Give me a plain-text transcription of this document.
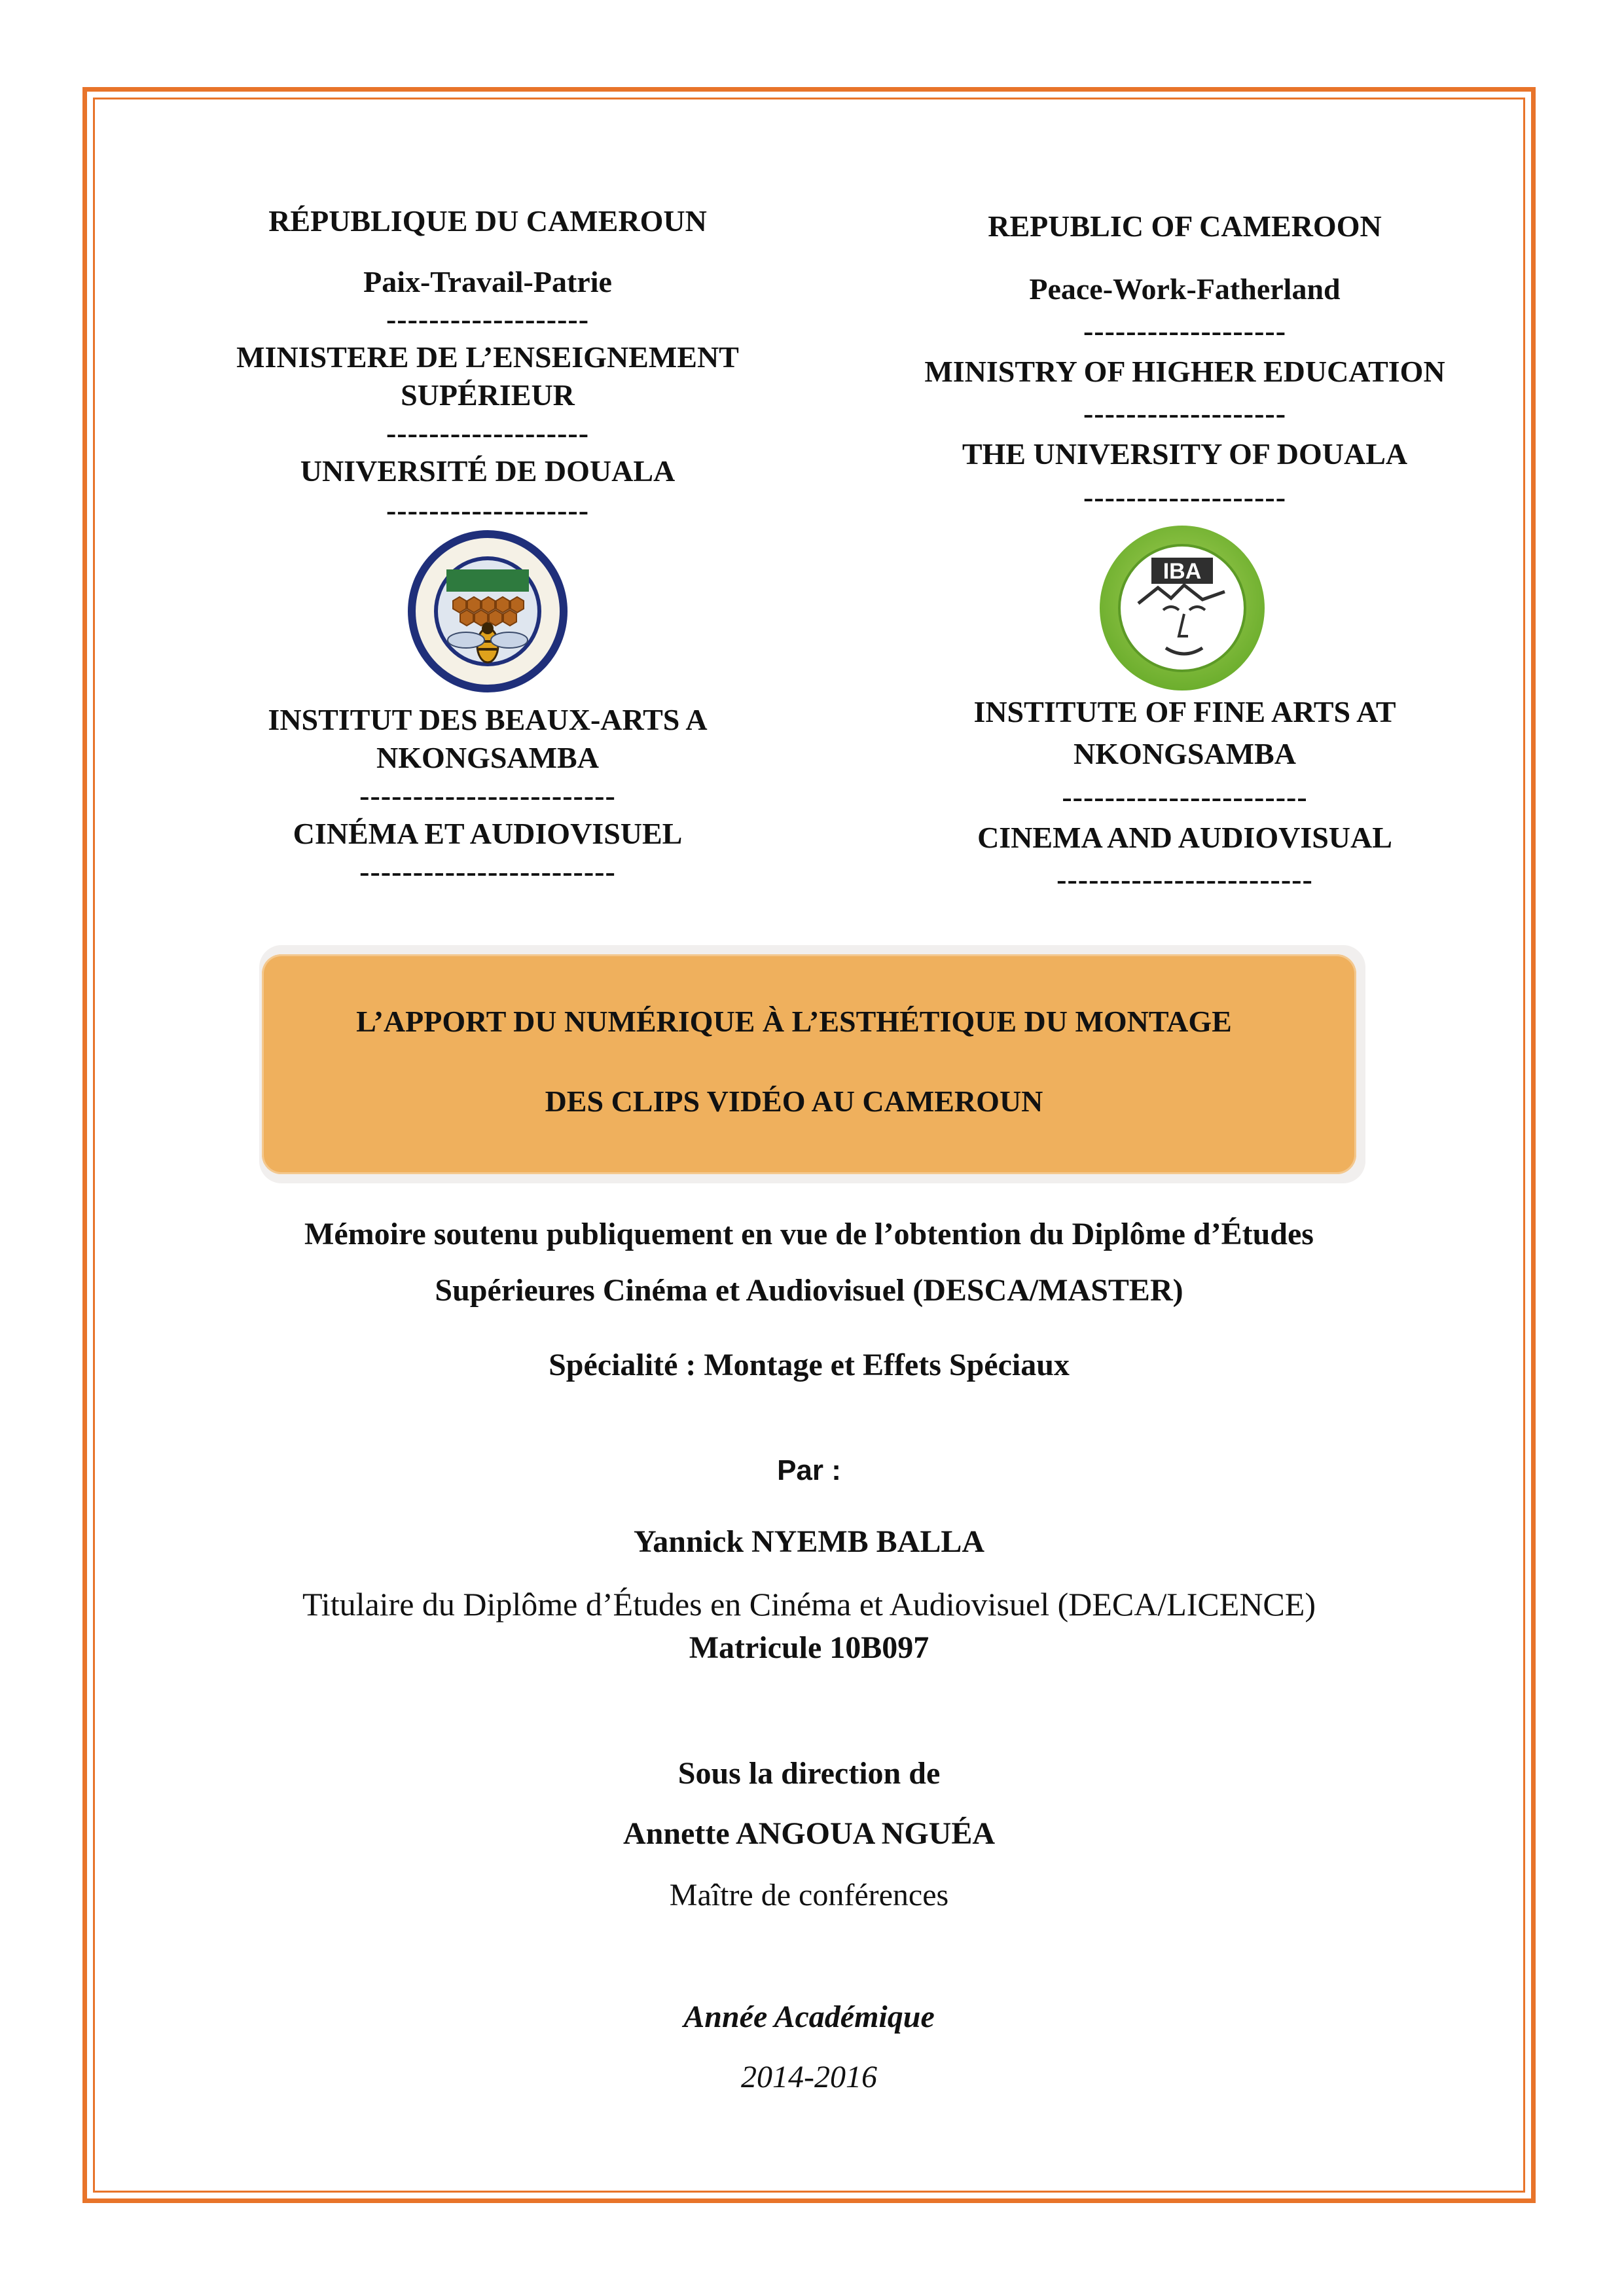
RÉPUBLIQUE DU CAMEROUN
Paix-Travail-Patrie
-------------------
MINISTERE DE L’ENSEIGNEMENT
SUPÉRIEUR
-------------------
UNIVERSITÉ DE DOUALA
-------------------
INSTITUT DES BEAUX-ARTS A
NKONGSAMBA
------------------------
CINÉMA ET AUDIOVISUEL
------------------------
REPUBLIC OF CAMEROON
Peace-Work-Fatherland
-------------------
MINISTRY OF HIGHER EDUCATION
-------------------
THE UNIVERSITY OF DOUALA
-------------------
INSTITUTE OF FINE ARTS AT
NKONGSAMBA
-----------------------
CINEMA AND AUDIOVISUAL
------------------------
IBA
L’APPORT DU NUMÉRIQUE À L’ESTHÉTIQUE DU MONTAGE
DES CLIPS VIDÉO AU CAMEROUN
Mémoire soutenu publiquement en vue de l’obtention du Diplôme d’Études
Supérieures Cinéma et Audiovisuel (DESCA/MASTER)
Spécialité : Montage et Effets Spéciaux
Par :
Yannick NYEMB BALLA
Titulaire du Diplôme d’Études en Cinéma et Audiovisuel (DECA/LICENCE)
Matricule 10B097
Sous la direction de
Annette ANGOUA NGUÉA
Maître de conférences
Année Académique
2014-2016
